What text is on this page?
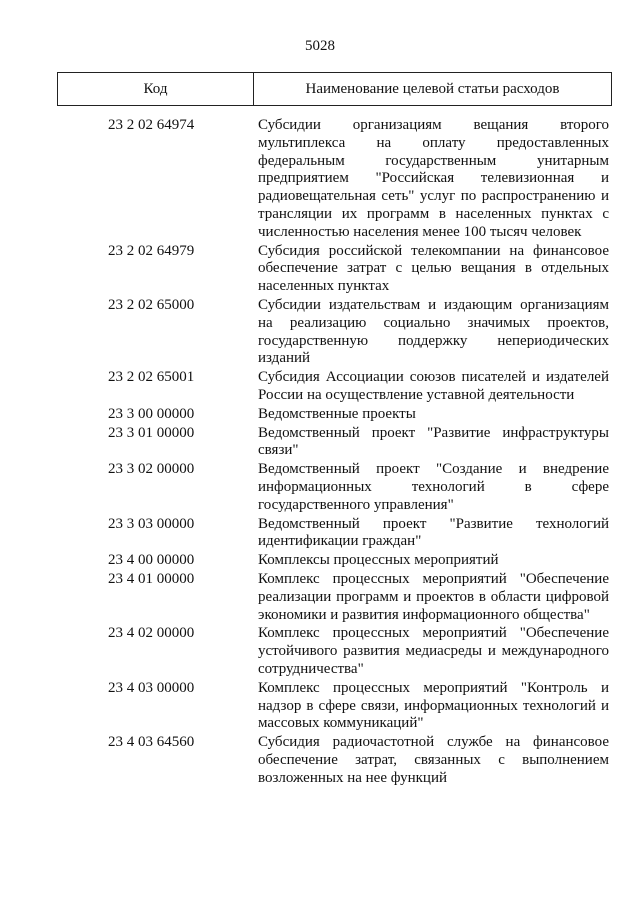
5028
Код	Наименование целевой статьи расходов
23 2 02 64974	Субсидии организациям вещания второго мультиплекса на оплату предоставленных федеральным государственным унитарным предприятием "Российская телевизионная и радиовещательная сеть" услуг по распространению и трансляции их программ в населенных пунктах с численностью населения менее 100 тысяч человек
23 2 02 64979	Субсидия российской телекомпании на финансовое обеспечение затрат с целью вещания в отдельных населенных пунктах
23 2 02 65000	Субсидии издательствам и издающим организациям на реализацию социально значимых проектов, государственную поддержку непериодических изданий
23 2 02 65001	Субсидия Ассоциации союзов писателей и издателей России на осуществление уставной деятельности
23 3 00 00000	Ведомственные проекты
23 3 01 00000	Ведомственный проект "Развитие инфраструктуры связи"
23 3 02 00000	Ведомственный проект "Создание и внедрение информационных технологий в сфере государственного управления"
23 3 03 00000	Ведомственный проект "Развитие технологий идентификации граждан"
23 4 00 00000	Комплексы процессных мероприятий
23 4 01 00000	Комплекс процессных мероприятий "Обеспечение реализации программ и проектов в области цифровой экономики и развития информационного общества"
23 4 02 00000	Комплекс процессных мероприятий "Обеспечение устойчивого развития медиасреды и международного сотрудничества"
23 4 03 00000	Комплекс процессных мероприятий "Контроль и надзор в сфере связи, информационных технологий и массовых коммуникаций"
23 4 03 64560	Субсидия радиочастотной службе на финансовое обеспечение затрат, связанных с выполнением возложенных на нее функций
